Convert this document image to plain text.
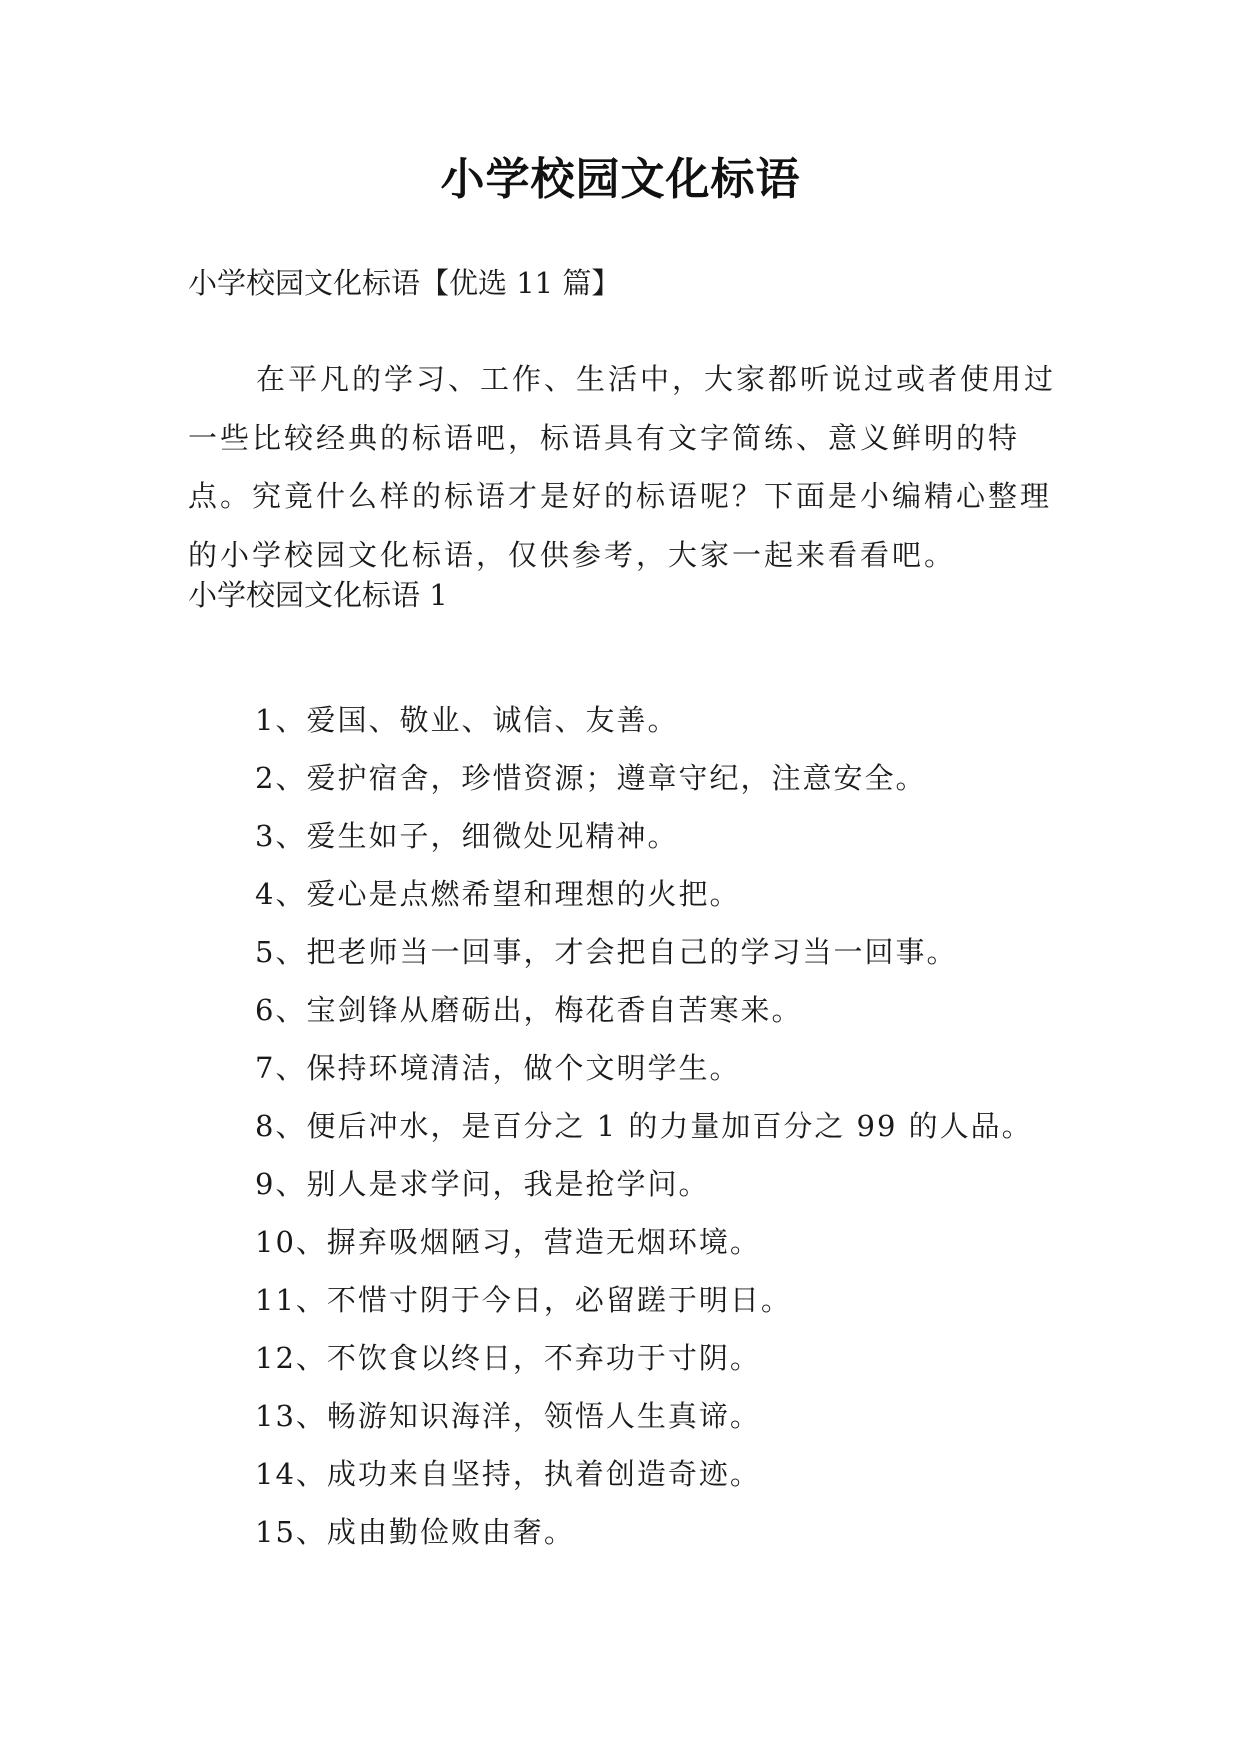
小学校园文化标语

小学校园文化标语【优选 11 篇】

在平凡的学习、工作、生活中，大家都听说过或者使用过一些比较经典的标语吧，标语具有文字简练、意义鲜明的特点。究竟什么样的标语才是好的标语呢？下面是小编精心整理的小学校园文化标语，仅供参考，大家一起来看看吧。

小学校园文化标语 1

1、爱国、敬业、诚信、友善。
2、爱护宿舍，珍惜资源；遵章守纪，注意安全。
3、爱生如子，细微处见精神。
4、爱心是点燃希望和理想的火把。
5、把老师当一回事，才会把自己的学习当一回事。
6、宝剑锋从磨砺出，梅花香自苦寒来。
7、保持环境清洁，做个文明学生。
8、便后冲水，是百分之 1 的力量加百分之 99 的人品。
9、别人是求学问，我是抢学问。
10、摒弃吸烟陋习，营造无烟环境。
11、不惜寸阴于今日，必留蹉于明日。
12、不饮食以终日，不弃功于寸阴。
13、畅游知识海洋，领悟人生真谛。
14、成功来自坚持，执着创造奇迹。
15、成由勤俭败由奢。
